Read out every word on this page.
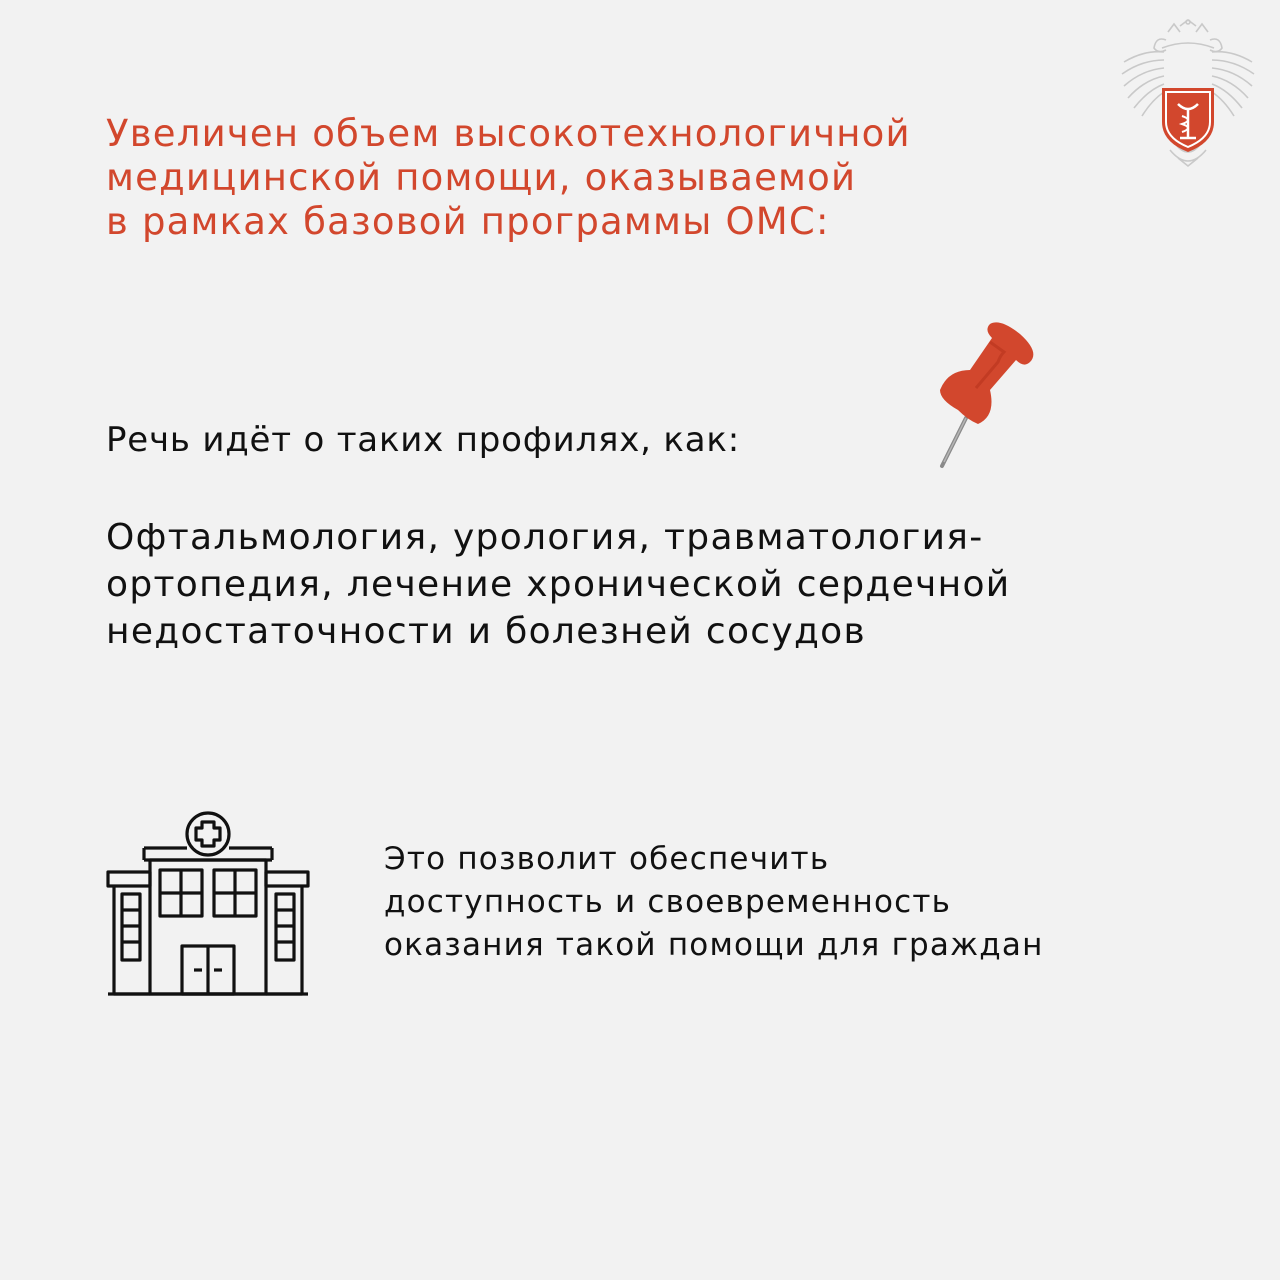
Увеличен объем высокотехнологичной
медицинской помощи, оказываемой
в рамках базовой программы ОМС:
Речь идёт о таких профилях, как:

Офтальмология, урология, травматология-
ортопедия, лечение хронической сердечной
недостаточности и болезней сосудов

Это позволит обеспечить
доступность и своевременность
оказания такой помощи для граждан
